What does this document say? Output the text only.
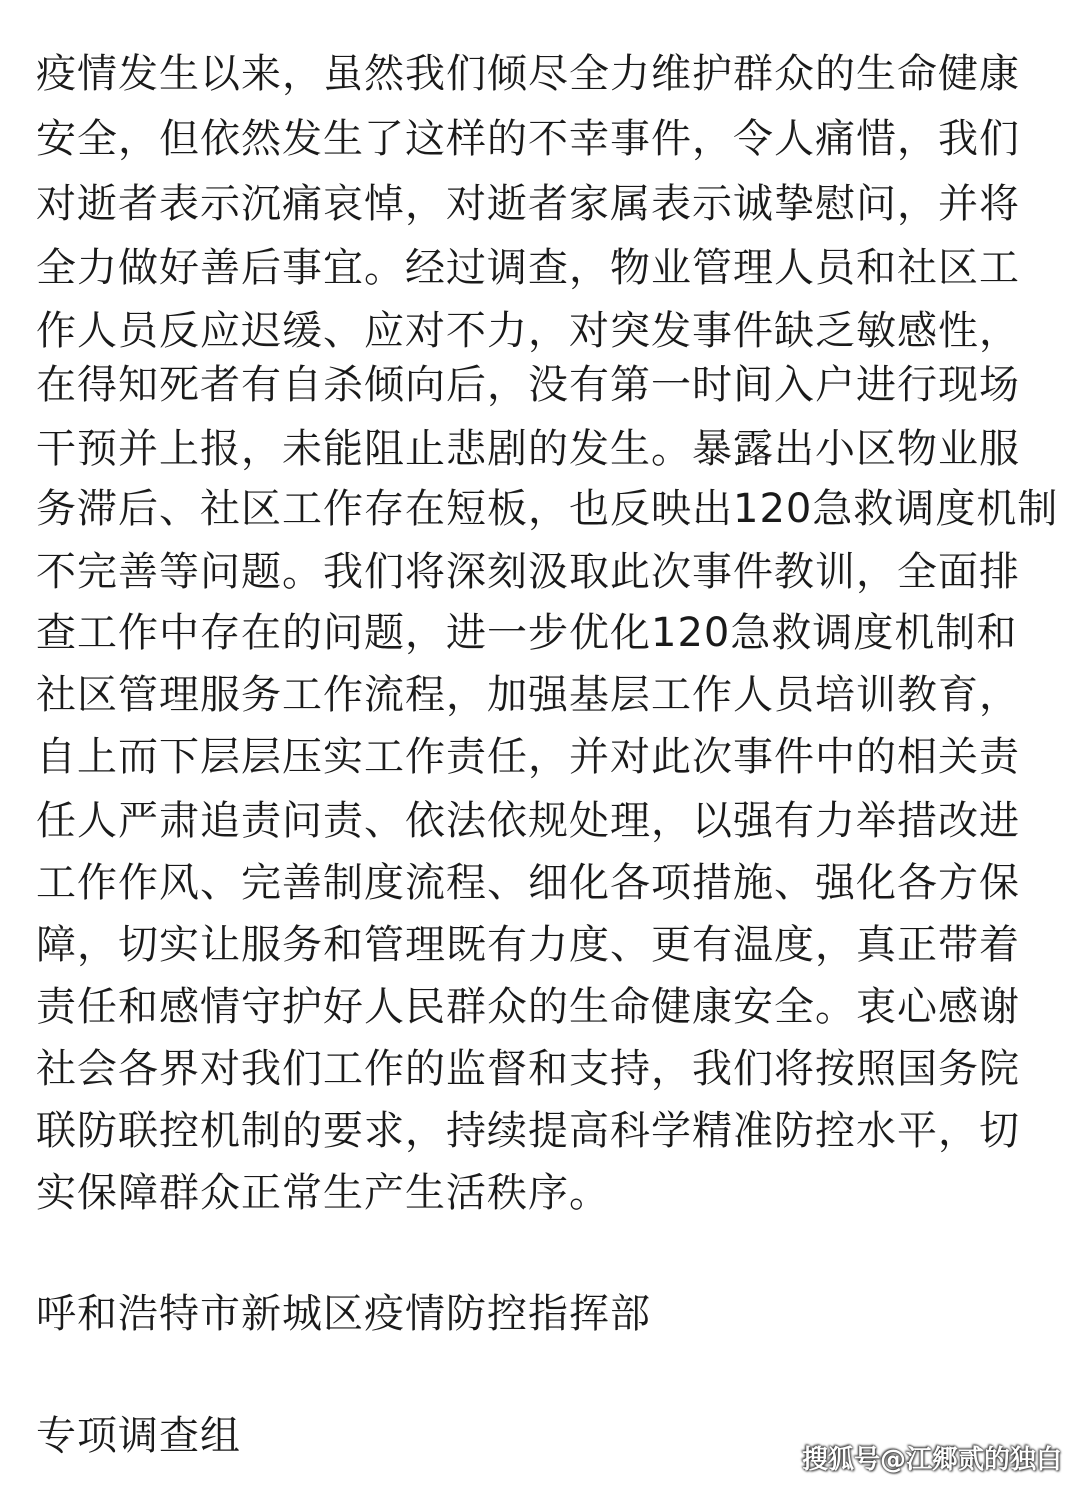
疫情发生以来，虽然我们倾尽全力维护群众的生命健康
安全，但依然发生了这样的不幸事件，令人痛惜，我们
对逝者表示沉痛哀悼，对逝者家属表示诚挚慰问，并将
全力做好善后事宜。经过调查，物业管理人员和社区工
作人员反应迟缓、应对不力，对突发事件缺乏敏感性，
在得知死者有自杀倾向后，没有第一时间入户进行现场
干预并上报，未能阻止悲剧的发生。暴露出小区物业服
务滞后、社区工作存在短板，也反映出120急救调度机制
不完善等问题。我们将深刻汲取此次事件教训，全面排
查工作中存在的问题，进一步优化120急救调度机制和
社区管理服务工作流程，加强基层工作人员培训教育，
自上而下层层压实工作责任，并对此次事件中的相关责
任人严肃追责问责、依法依规处理，以强有力举措改进
工作作风、完善制度流程、细化各项措施、强化各方保
障，切实让服务和管理既有力度、更有温度，真正带着
责任和感情守护好人民群众的生命健康安全。衷心感谢
社会各界对我们工作的监督和支持，我们将按照国务院
联防联控机制的要求，持续提高科学精准防控水平，切
实保障群众正常生产生活秩序。
呼和浩特市新城区疫情防控指挥部
专项调查组
搜狐号@江郷贰的独白
